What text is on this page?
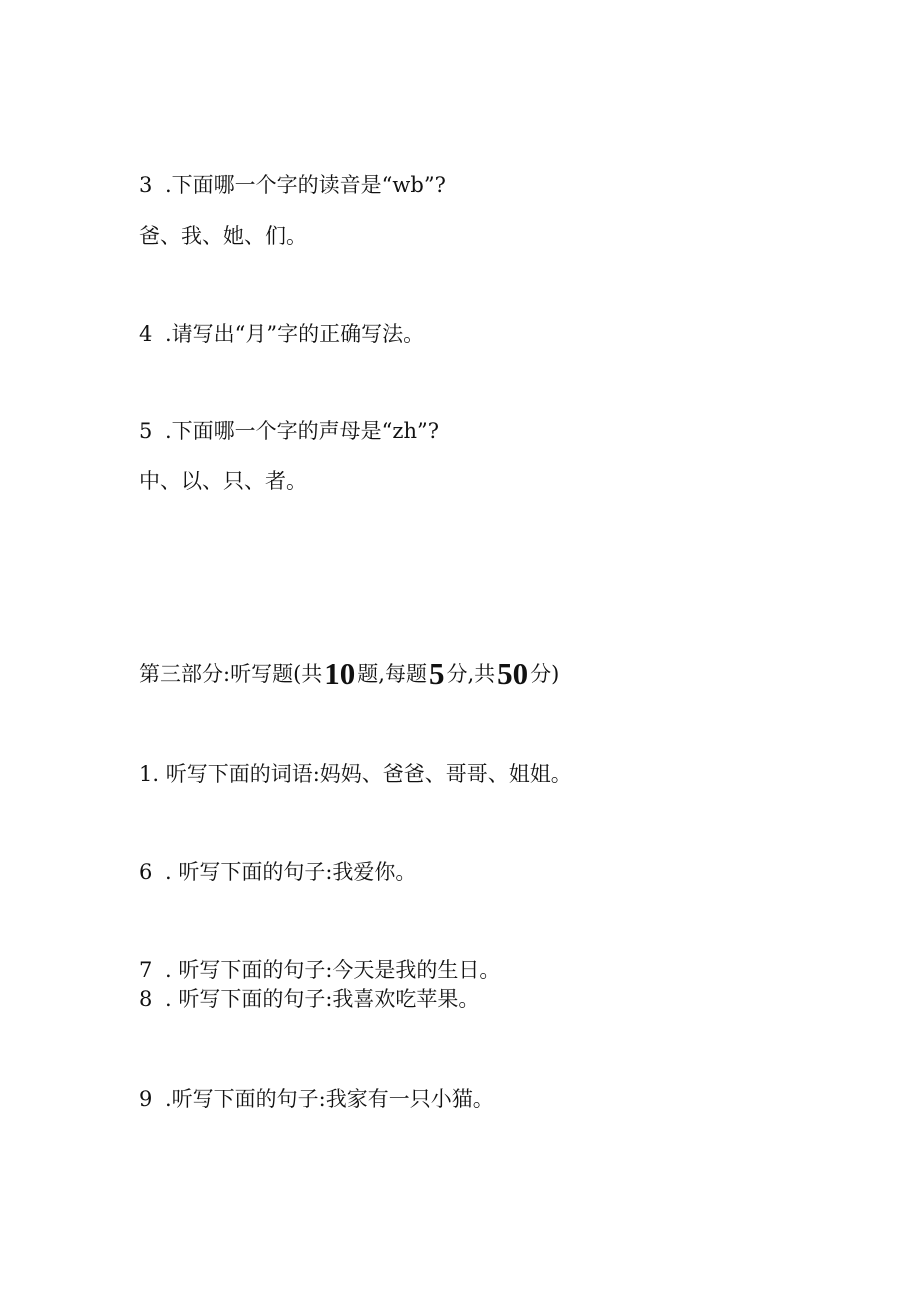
3 .下面哪一个字的读音是“wb”?
爸、我、她、们。
4 .请写出“月”字的正确写法。
5 .下面哪一个字的声母是“zh”?
中、以、只、者。
第三部分:听写题(共10题,每题5分,共50分)
1. 听写下面的词语:妈妈、爸爸、哥哥、姐姐。
6 . 听写下面的句子:我爱你。
7 . 听写下面的句子:今天是我的生日。
8 . 听写下面的句子:我喜欢吃苹果。
9 .听写下面的句子:我家有一只小猫。
